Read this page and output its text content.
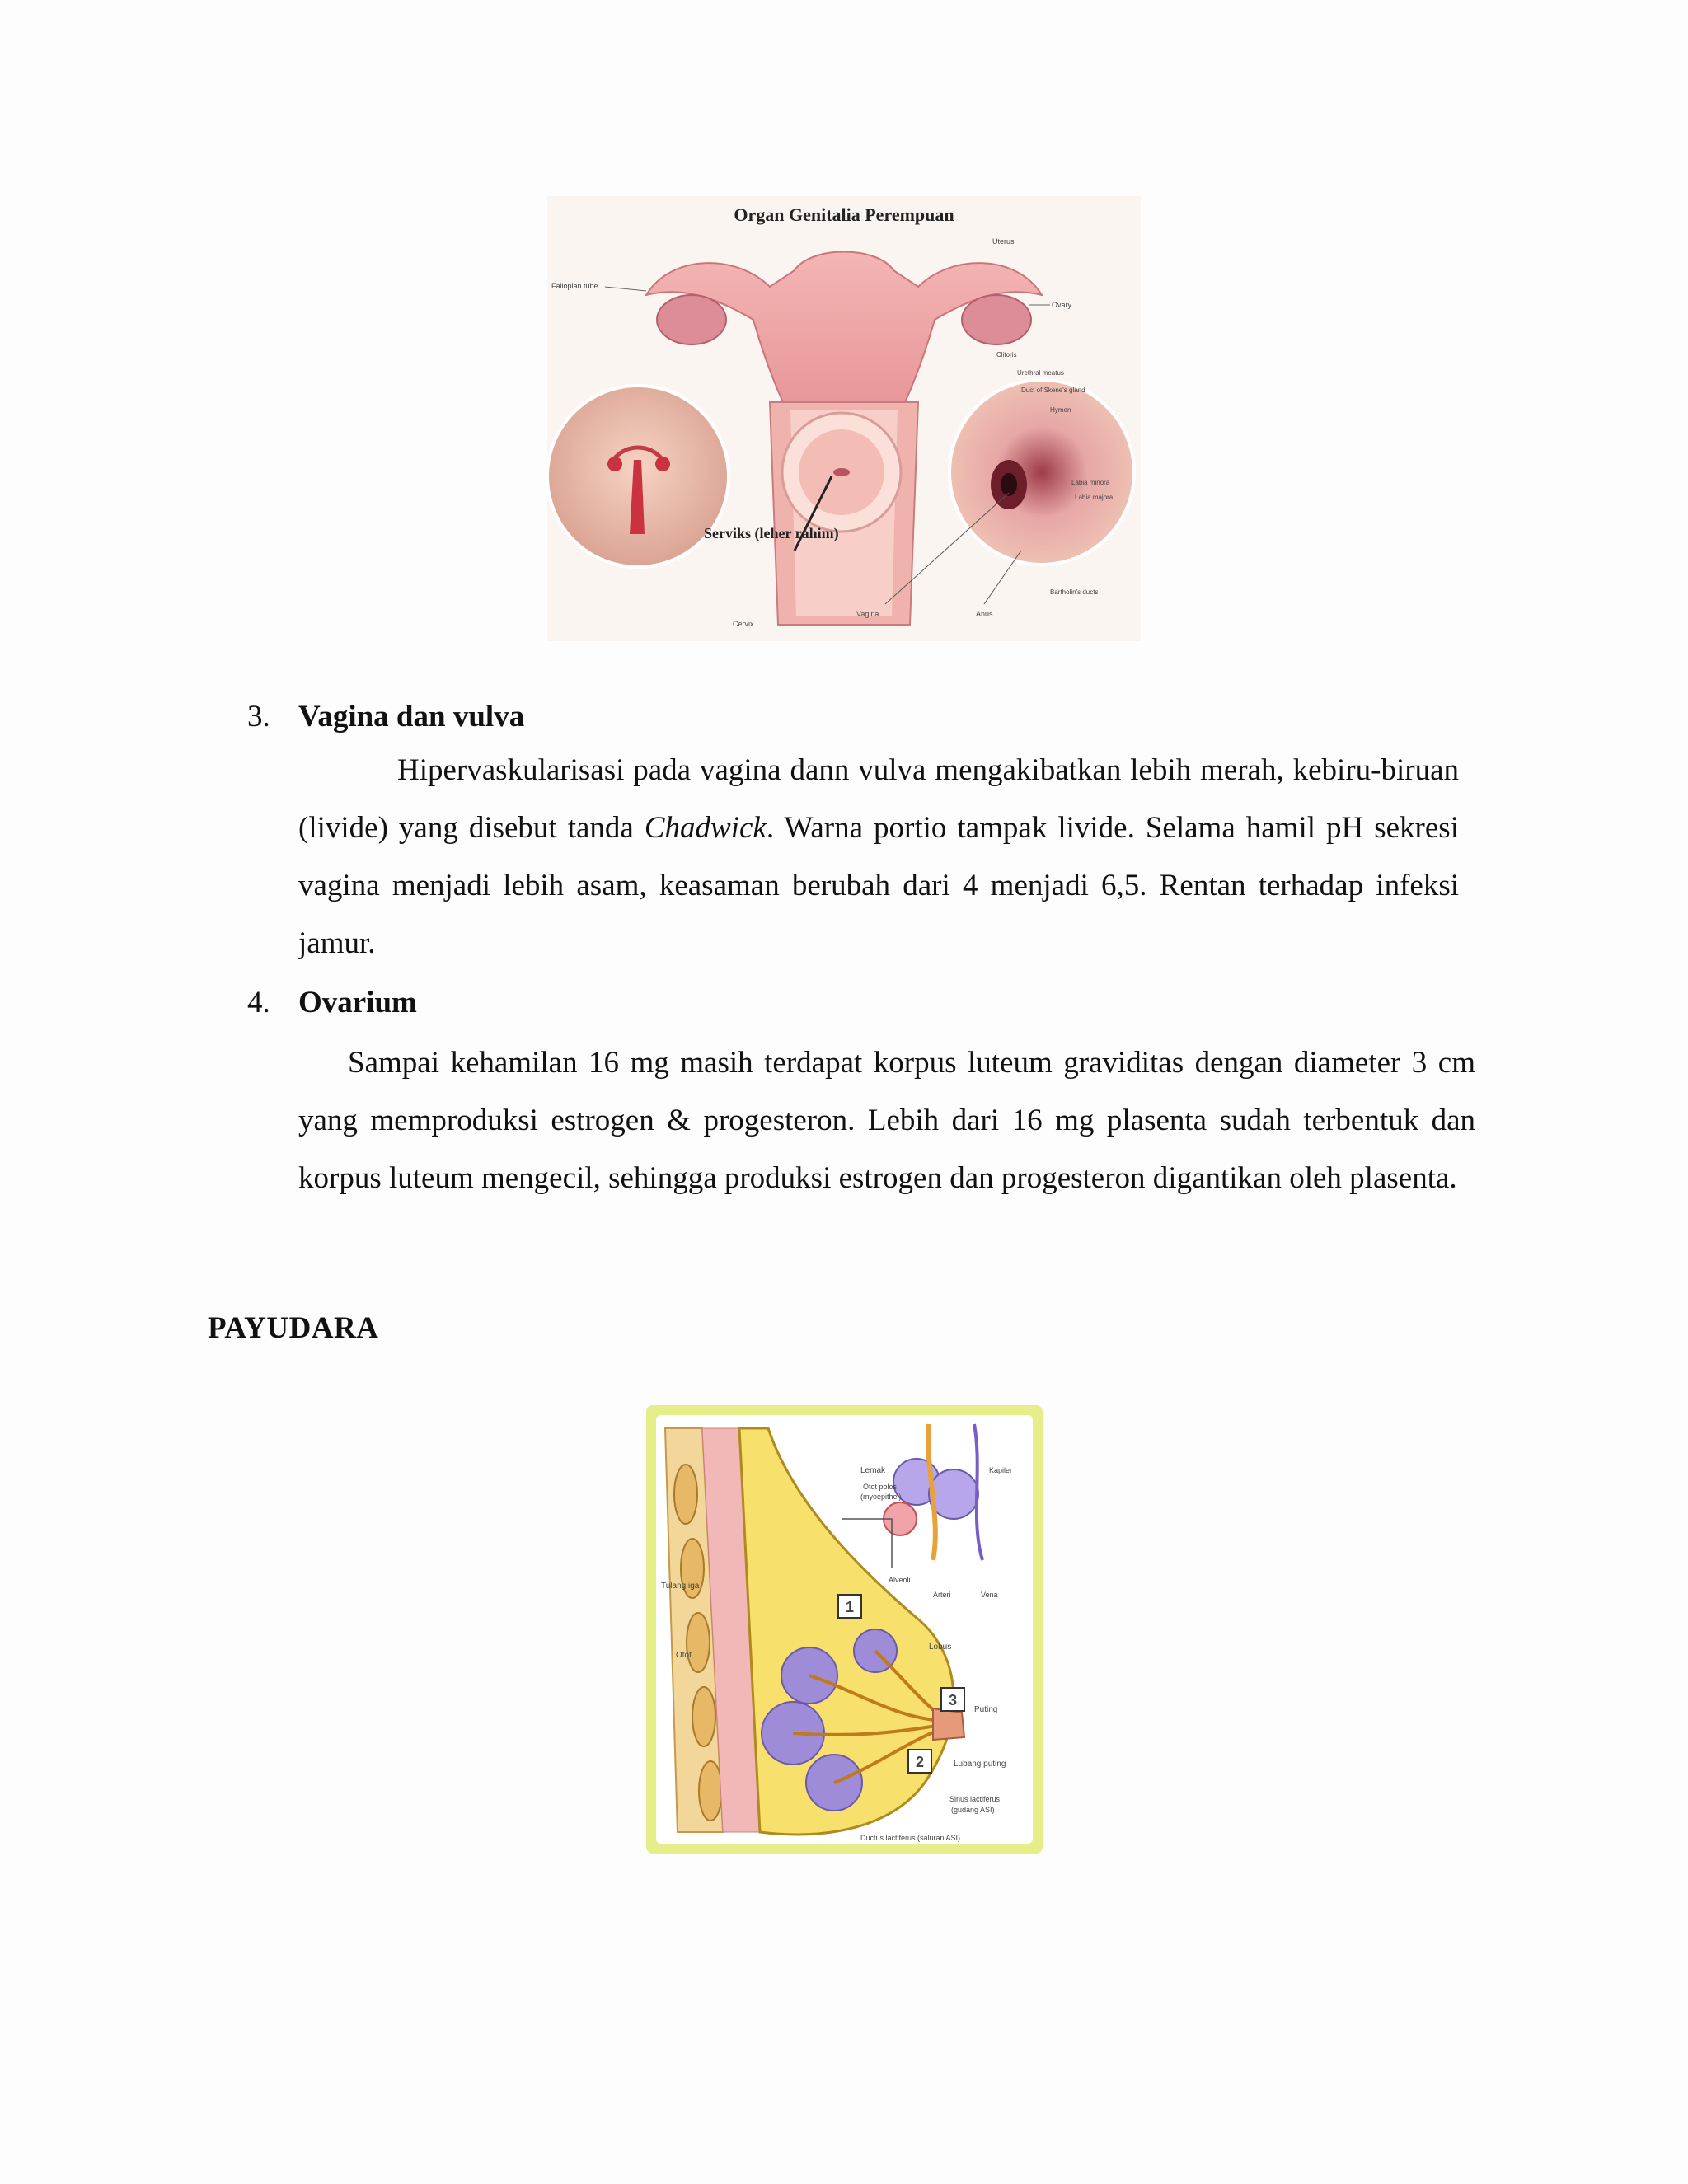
Organ Genitalia Perempuan
Serviks (leher rahim)
Fallopian tube
Uterus
Ovary
Clitoris
Urethral meatus
Duct of Skene's gland
Hymen
Labia minora
Labia majora
Bartholin's ducts
Cervix
Vagina	Anus
3. Vagina dan vulva
Hipervaskularisasi pada vagina dann vulva mengakibatkan lebih merah, kebiru-biruan (livide) yang disebut tanda Chadwick. Warna portio tampak livide. Selama hamil pH sekresi vagina menjadi lebih asam, keasaman berubah dari 4 menjadi 6,5. Rentan terhadap infeksi jamur.
4. Ovarium
Sampai kehamilan 16 mg masih terdapat korpus luteum graviditas dengan diameter 3 cm yang memproduksi estrogen & progesteron. Lebih dari 16 mg plasenta sudah terbentuk dan korpus luteum mengecil, sehingga produksi estrogen dan progesteron digantikan oleh plasenta.
PAYUDARA
1
2
3
Lemak
Otot polos
(myoepithel)
Kapiler
Alveoli
Arteri	Vena
Tulang iga
Otot
Lobus
Puting
Lubang puting
Sinus lactiferus
(gudang ASI)
Ductus lactiferus (saluran ASI)
